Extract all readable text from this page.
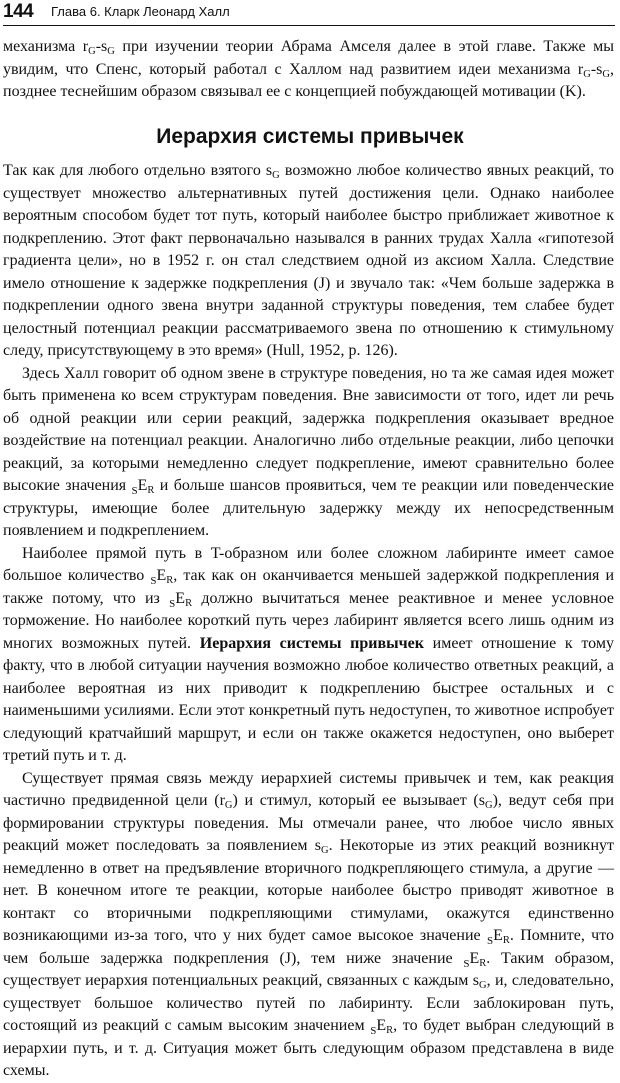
144 Глава 6. Кларк Леонард Халл

механизма $r_G-s_G$ при изучении теории Абрама Амселя далее в этой главе. Также мы увидим, что Спенс, который работал с Халлом над развитием идеи механизма $r_G-s_G$, позднее теснейшим образом связывал ее с концепцией побуждающей мотивации (K).

Иерархия системы привычек

Так как для любого отдельно взятого $s_G$ возможно любое количество явных реакций, то существует множество альтернативных путей достижения цели. Однако наиболее вероятным способом будет тот путь, который наиболее быстро приближает животное к подкреплению. Этот факт первоначально назывался в ранних трудах Халла «гипотезой градиента цели», но в 1952 г. он стал следствием одной из аксиом Халла. Следствие имело отношение к задержке подкрепления (J) и звучало так: «Чем больше задержка в подкреплении одного звена внутри заданной структуры поведения, тем слабее будет целостный потенциал реакции рассматриваемого звена по отношению к стимульному следу, присутствующему в это время» (Hull, 1952, p. 126).

Здесь Халл говорит об одном звене в структуре поведения, но та же самая идея может быть применена ко всем структурам поведения. Вне зависимости от того, идет ли речь об одной реакции или серии реакций, задержка подкрепления оказывает вредное воздействие на потенциал реакции. Аналогично либо отдельные реакции, либо цепочки реакций, за которыми немедленно следует подкрепление, имеют сравнительно более высокие значения $_SE_R$ и больше шансов проявиться, чем те реакции или поведенческие структуры, имеющие более длительную задержку между их непосредственным появлением и подкреплением.

Наиболее прямой путь в T-образном или более сложном лабиринте имеет самое большое количество $_SE_R$, так как он оканчивается меньшей задержкой подкрепления и также потому, что из $_SE_R$ должно вычитаться менее реактивное и менее условное торможение. Но наиболее короткий путь через лабиринт является всего лишь одним из многих возможных путей. Иерархия системы привычек имеет отношение к тому факту, что в любой ситуации научения возможно любое количество ответных реакций, а наиболее вероятная из них приводит к подкреплению быстрее остальных и с наименьшими усилиями. Если этот конкретный путь недоступен, то животное испробует следующий кратчайший маршрут, и если он также окажется недоступен, оно выберет третий путь и т. д.

Существует прямая связь между иерархией системы привычек и тем, как реакция частично предвиденной цели $(r_G)$ и стимул, который ее вызывает $(s_G)$, ведут себя при формировании структуры поведения. Мы отмечали ранее, что любое число явных реакций может последовать за появлением $s_G$. Некоторые из этих реакций возникнут немедленно в ответ на предъявление вторичного подкрепляющего стимула, а другие — нет. В конечном итоге те реакции, которые наиболее быстро приводят животное в контакт со вторичными подкрепляющими стимулами, окажутся единственно возникающими из-за того, что у них будет самое высокое значение $_SE_R$. Помните, что чем больше задержка подкрепления (J), тем ниже значение $_SE_R$. Таким образом, существует иерархия потенциальных реакций, связанных с каждым $s_G$, и, следовательно, существует большое количество путей по лабиринту. Если заблокирован путь, состоящий из реакций с самым высоким значением $_SE_R$, то будет выбран следующий в иерархии путь, и т. д. Ситуация может быть следующим образом представлена в виде схемы.
